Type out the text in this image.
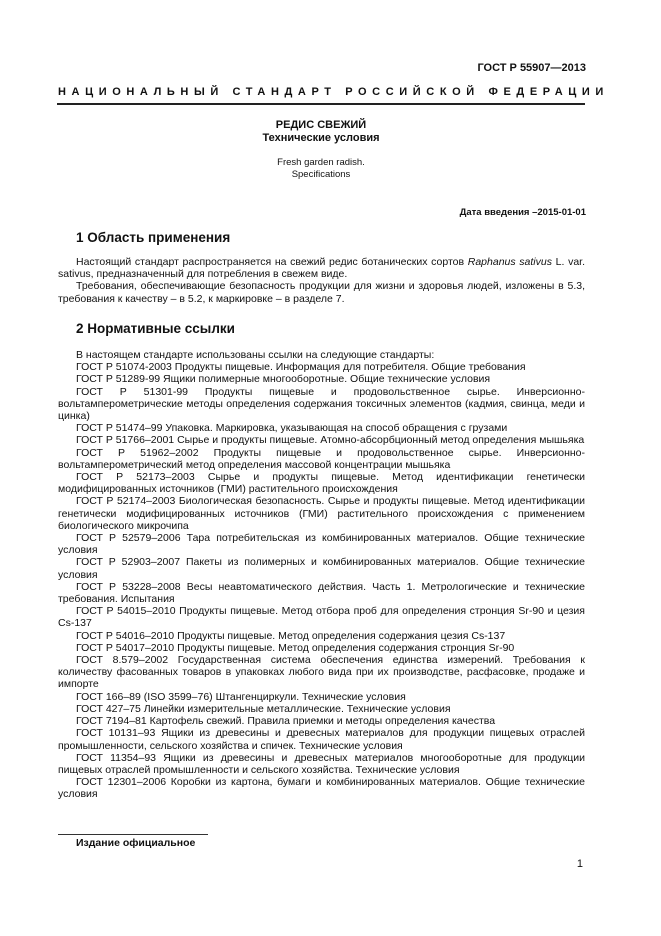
ГОСТ Р 55907—2013
НАЦИОНАЛЬНЫЙ СТАНДАРТ РОССИЙСКОЙ ФЕДЕРАЦИИ
РЕДИС СВЕЖИЙ
Технические условия
Fresh garden radish.
Specifications
Дата введения –2015-01-01
1 Область применения

Настоящий стандарт распространяется на свежий редис ботанических сортов Raphanus sativus L. var. sativus, предназначенный для потребления в свежем виде.

Требования, обеспечивающие безопасность продукции для жизни и здоровья людей, изложены в 5.3, требования к качеству – в 5.2, к маркировке – в разделе 7.

2 Нормативные ссылки

В настоящем стандарте использованы ссылки на следующие стандарты:

ГОСТ Р 51074-2003 Продукты пищевые. Информация для потребителя. Общие требования

ГОСТ Р 51289-99 Ящики полимерные многооборотные. Общие технические условия

ГОСТ Р 51301-99 Продукты пищевые и продовольственное сырье. Инверсионно-вольтамперометрические методы определения содержания токсичных элементов (кадмия, свинца, меди и цинка)

ГОСТ Р 51474–99 Упаковка. Маркировка, указывающая на способ обращения с грузами

ГОСТ Р 51766–2001 Сырье и продукты пищевые. Атомно-абсорбционный метод определения мышьяка

ГОСТ Р 51962–2002 Продукты пищевые и продовольственное сырье. Инверсионно-вольтамперометрический метод определения массовой концентрации мышьяка

ГОСТ Р 52173–2003 Сырье и продукты пищевые. Метод идентификации генетически модифицированных источников (ГМИ) растительного происхождения

ГОСТ Р 52174–2003 Биологическая безопасность. Сырье и продукты пищевые. Метод идентификации генетически модифицированных источников (ГМИ) растительного происхождения с применением биологического микрочипа

ГОСТ Р 52579–2006 Тара потребительская из комбинированных материалов. Общие технические условия

ГОСТ Р 52903–2007 Пакеты из полимерных и комбинированных материалов. Общие технические условия

ГОСТ Р 53228–2008 Весы неавтоматического действия. Часть 1. Метрологические и технические требования. Испытания

ГОСТ Р 54015–2010 Продукты пищевые. Метод отбора проб для определения стронция Sr-90 и цезия Cs-137

ГОСТ Р 54016–2010 Продукты пищевые. Метод определения содержания цезия Cs-137

ГОСТ Р 54017–2010 Продукты пищевые. Метод определения содержания стронция Sr-90

ГОСТ 8.579–2002 Государственная система обеспечения единства измерений. Требования к количеству фасованных товаров в упаковках любого вида при их производстве, расфасовке, продаже и импорте

ГОСТ 166–89 (ISO 3599–76) Штангенциркули. Технические условия

ГОСТ 427–75 Линейки измерительные металлические. Технические условия

ГОСТ 7194–81 Картофель свежий. Правила приемки и методы определения качества

ГОСТ 10131–93 Ящики из древесины и древесных материалов для продукции пищевых отраслей промышленности, сельского хозяйства и спичек. Технические условия

ГОСТ 11354–93 Ящики из древесины и древесных материалов многооборотные для продукции пищевых отраслей промышленности и сельского хозяйства. Технические условия

ГОСТ 12301–2006 Коробки из картона, бумаги и комбинированных материалов. Общие технические условия

Издание официальное
1
